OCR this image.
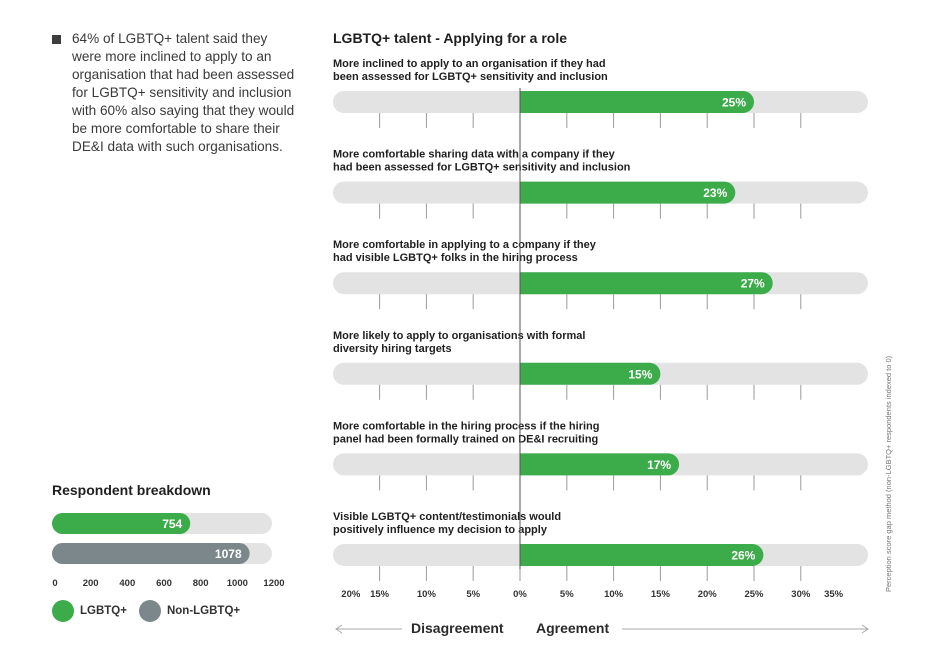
64% of LGBTQ+ talent said they were more inclined to apply to an organisation that had been assessed for LGBTQ+ sensitivity and inclusion with 60% also saying that they would be more comfortable to share their DE&I data with such organisations.
Respondent breakdown
754
1078
0	200 400 600 800 1000 1200
LGBTQ+	Non-LGBTQ+
LGBTQ+ talent - Applying for a role
More inclined to apply to an organisation if they had
been assessed for LGBTQ+ sensitivity and inclusion
25%
More comfortable sharing data with a company if they
had been assessed for LGBTQ+ sensitivity and inclusion
23%
More comfortable in applying to a company if they
had visible LGBTQ+ folks in the hiring process
27%
More likely to apply to organisations with formal
diversity hiring targets
15%
More comfortable in the hiring process if the hiring
panel had been formally trained on DE&I recruiting
17%
Visible LGBTQ+ content/testimonials would
positively influence my decision to apply
26%
20% 15%	10%	5%	0%	5%	10%	15%	20%	25%	30% 35%
Disagreement Agreement
Perception score gap method (non-LGBTQ+ respondents indexed to 0)
